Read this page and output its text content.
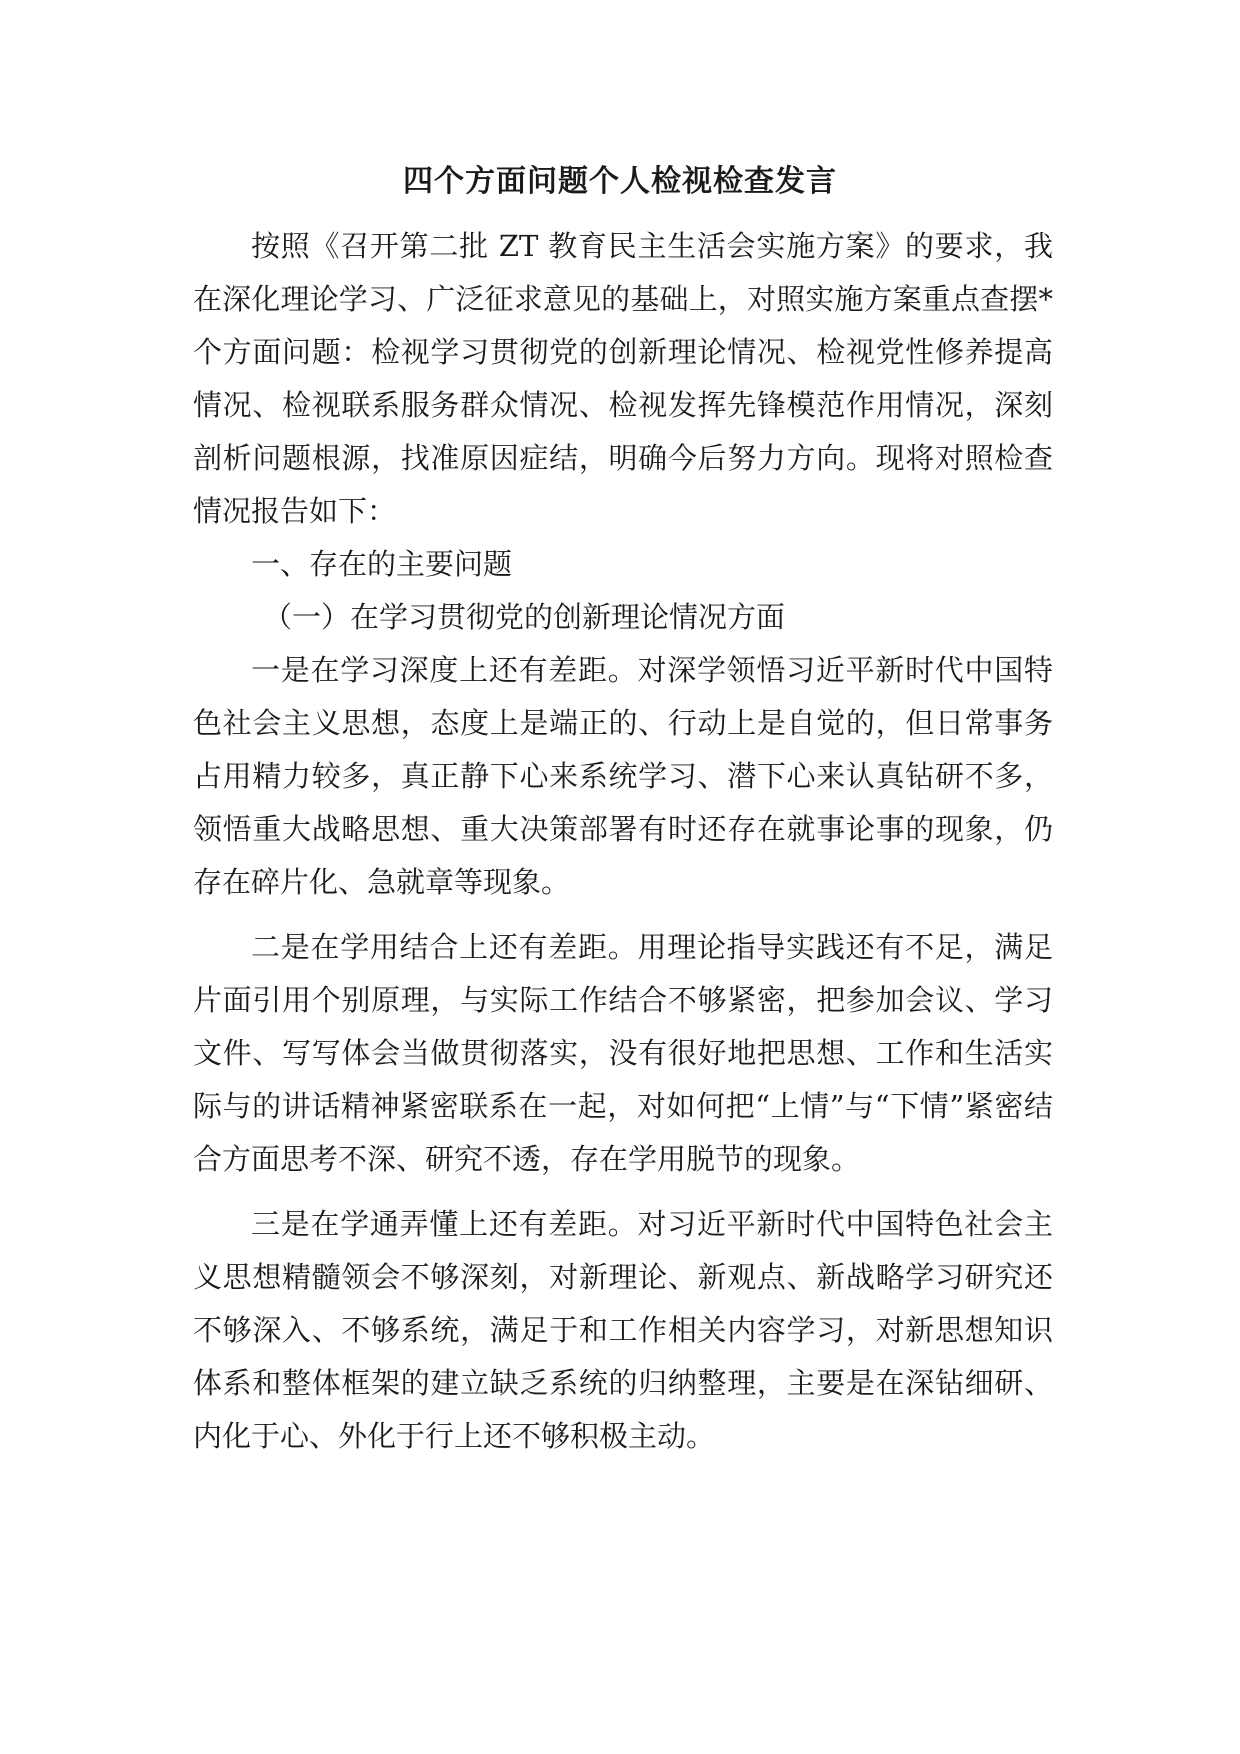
四个方面问题个人检视检查发言

按照《召开第二批 ZT 教育民主生活会实施方案》的要求，我在深化理论学习、广泛征求意见的基础上，对照实施方案重点查摆*个方面问题：检视学习贯彻党的创新理论情况、检视党性修养提高情况、检视联系服务群众情况、检视发挥先锋模范作用情况，深刻剖析问题根源，找准原因症结，明确今后努力方向。现将对照检查情况报告如下：

一、存在的主要问题

（一）在学习贯彻党的创新理论情况方面

一是在学习深度上还有差距。对深学领悟习近平新时代中国特色社会主义思想，态度上是端正的、行动上是自觉的，但日常事务占用精力较多，真正静下心来系统学习、潜下心来认真钻研不多，领悟重大战略思想、重大决策部署有时还存在就事论事的现象，仍存在碎片化、急就章等现象。

二是在学用结合上还有差距。用理论指导实践还有不足，满足片面引用个别原理，与实际工作结合不够紧密，把参加会议、学习文件、写写体会当做贯彻落实，没有很好地把思想、工作和生活实际与的讲话精神紧密联系在一起，对如何把“上情”与“下情”紧密结合方面思考不深、研究不透，存在学用脱节的现象。

三是在学通弄懂上还有差距。对习近平新时代中国特色社会主义思想精髓领会不够深刻，对新理论、新观点、新战略学习研究还不够深入、不够系统，满足于和工作相关内容学习，对新思想知识体系和整体框架的建立缺乏系统的归纳整理，主要是在深钻细研、内化于心、外化于行上还不够积极主动。
